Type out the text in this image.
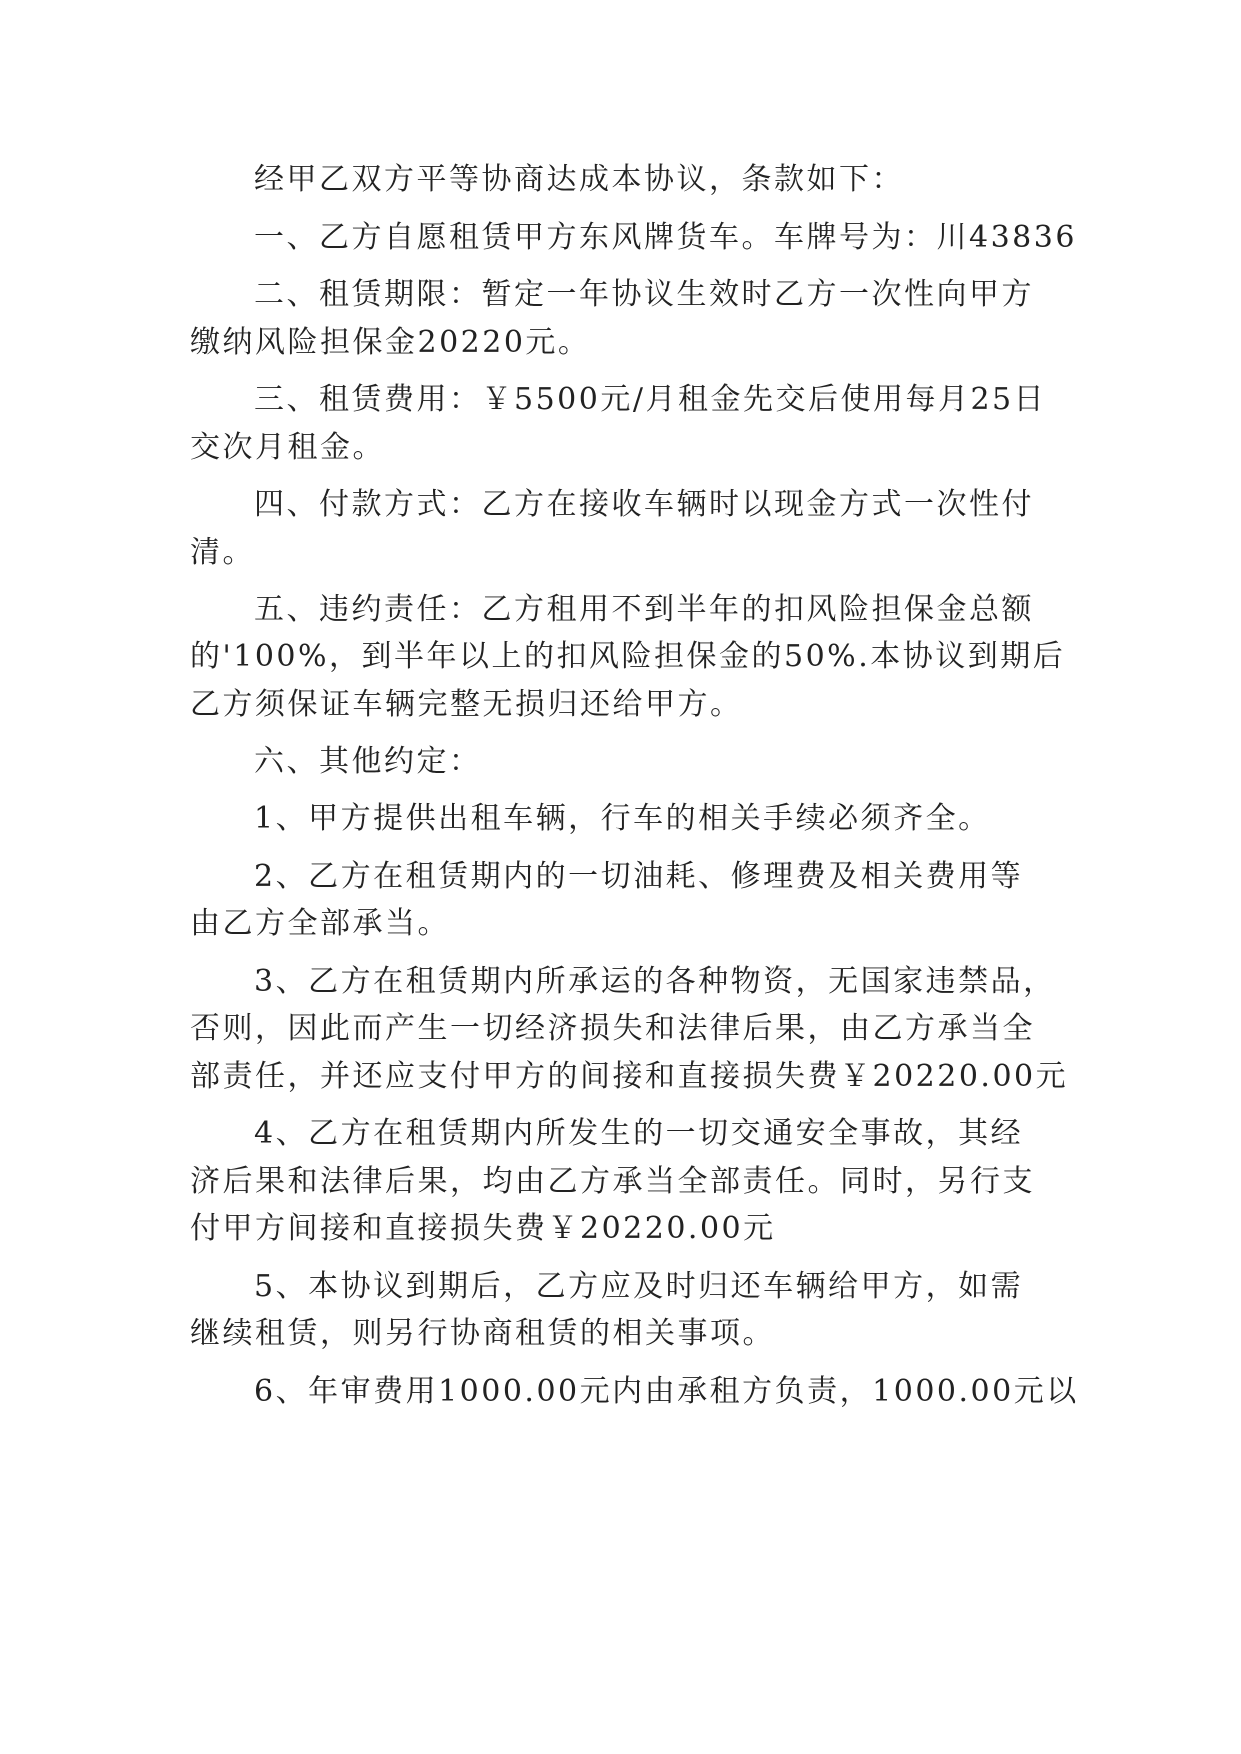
经甲乙双方平等协商达成本协议，条款如下：
一、乙方自愿租赁甲方东风牌货车。车牌号为：川43836
二、租赁期限：暂定一年协议生效时乙方一次性向甲方
缴纳风险担保金20220元。
三、租赁费用：￥5500元/月租金先交后使用每月25日
交次月租金。
四、付款方式：乙方在接收车辆时以现金方式一次性付
清。
五、违约责任：乙方租用不到半年的扣风险担保金总额
的'100%，到半年以上的扣风险担保金的50%.本协议到期后
乙方须保证车辆完整无损归还给甲方。
六、其他约定：
1、甲方提供出租车辆，行车的相关手续必须齐全。
2、乙方在租赁期内的一切油耗、修理费及相关费用等
由乙方全部承当。
3、乙方在租赁期内所承运的各种物资，无国家违禁品，
否则，因此而产生一切经济损失和法律后果，由乙方承当全
部责任，并还应支付甲方的间接和直接损失费￥20220.00元
4、乙方在租赁期内所发生的一切交通安全事故，其经
济后果和法律后果，均由乙方承当全部责任。同时，另行支
付甲方间接和直接损失费￥20220.00元
5、本协议到期后，乙方应及时归还车辆给甲方，如需
继续租赁，则另行协商租赁的相关事项。
6、年审费用1000.00元内由承租方负责，1000.00元以
